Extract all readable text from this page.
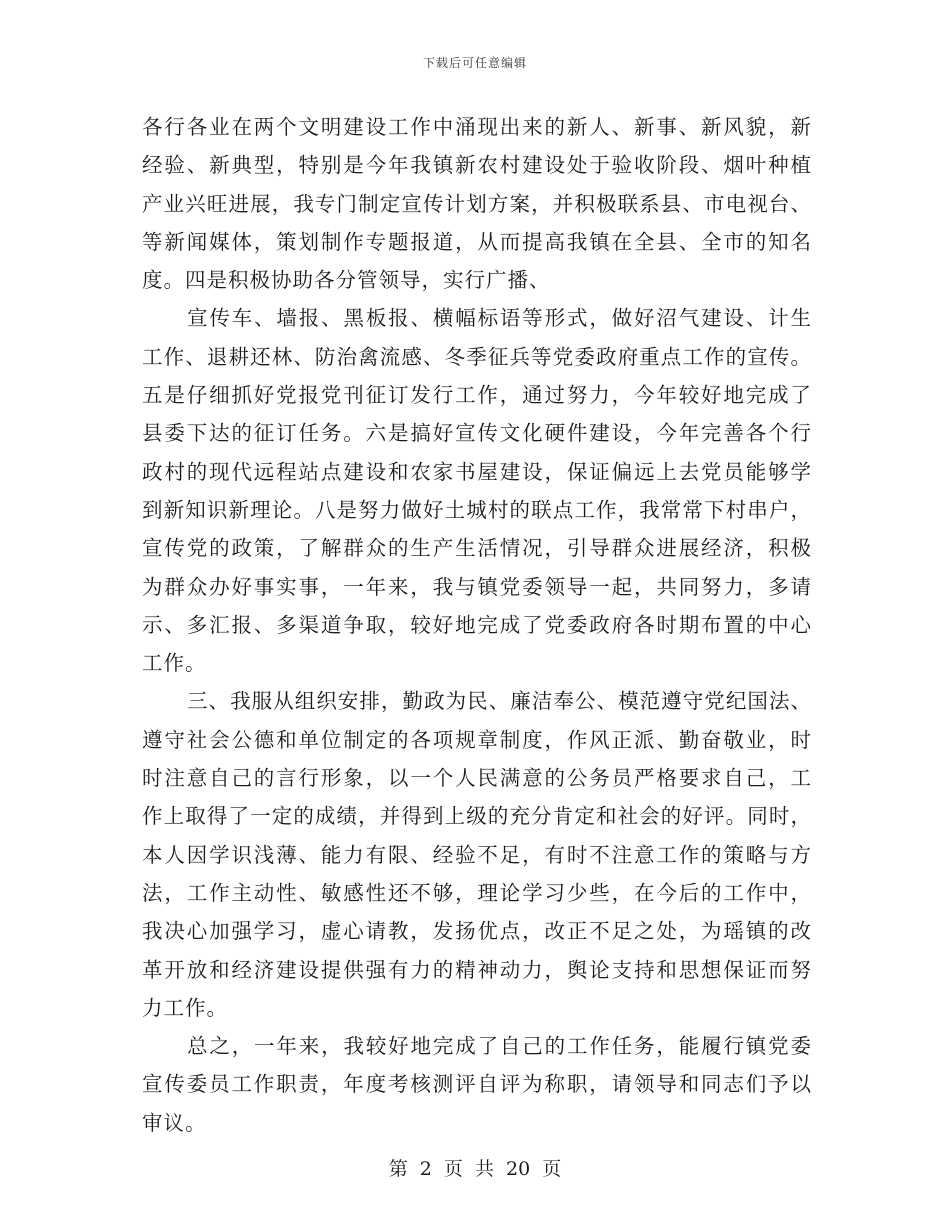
下载后可任意编辑
各行各业在两个文明建设工作中涌现出来的新人、新事、新风貌，新
经验、新典型，特别是今年我镇新农村建设处于验收阶段、烟叶种植
产业兴旺进展，我专门制定宣传计划方案，并积极联系县、市电视台、
等新闻媒体，策划制作专题报道，从而提高我镇在全县、全市的知名
度。四是积极协助各分管领导，实行广播、
宣传车、墙报、黑板报、横幅标语等形式，做好沼气建设、计生
工作、退耕还林、防治禽流感、冬季征兵等党委政府重点工作的宣传。
五是仔细抓好党报党刊征订发行工作，通过努力，今年较好地完成了
县委下达的征订任务。六是搞好宣传文化硬件建设，今年完善各个行
政村的现代远程站点建设和农家书屋建设，保证偏远上去党员能够学
到新知识新理论。八是努力做好土城村的联点工作，我常常下村串户，
宣传党的政策，了解群众的生产生活情况，引导群众进展经济，积极
为群众办好事实事，一年来，我与镇党委领导一起，共同努力，多请
示、多汇报、多渠道争取，较好地完成了党委政府各时期布置的中心
工作。
三、我服从组织安排，勤政为民、廉洁奉公、模范遵守党纪国法、
遵守社会公德和单位制定的各项规章制度，作风正派、勤奋敬业，时
时注意自己的言行形象，以一个人民满意的公务员严格要求自己，工
作上取得了一定的成绩，并得到上级的充分肯定和社会的好评。同时，
本人因学识浅薄、能力有限、经验不足，有时不注意工作的策略与方
法，工作主动性、敏感性还不够，理论学习少些，在今后的工作中，
我决心加强学习，虚心请教，发扬优点，改正不足之处，为瑶镇的改
革开放和经济建设提供强有力的精神动力，舆论支持和思想保证而努
力工作。
总之，一年来，我较好地完成了自己的工作任务，能履行镇党委
宣传委员工作职责，年度考核测评自评为称职，请领导和同志们予以
审议。
第 2 页 共 20 页
